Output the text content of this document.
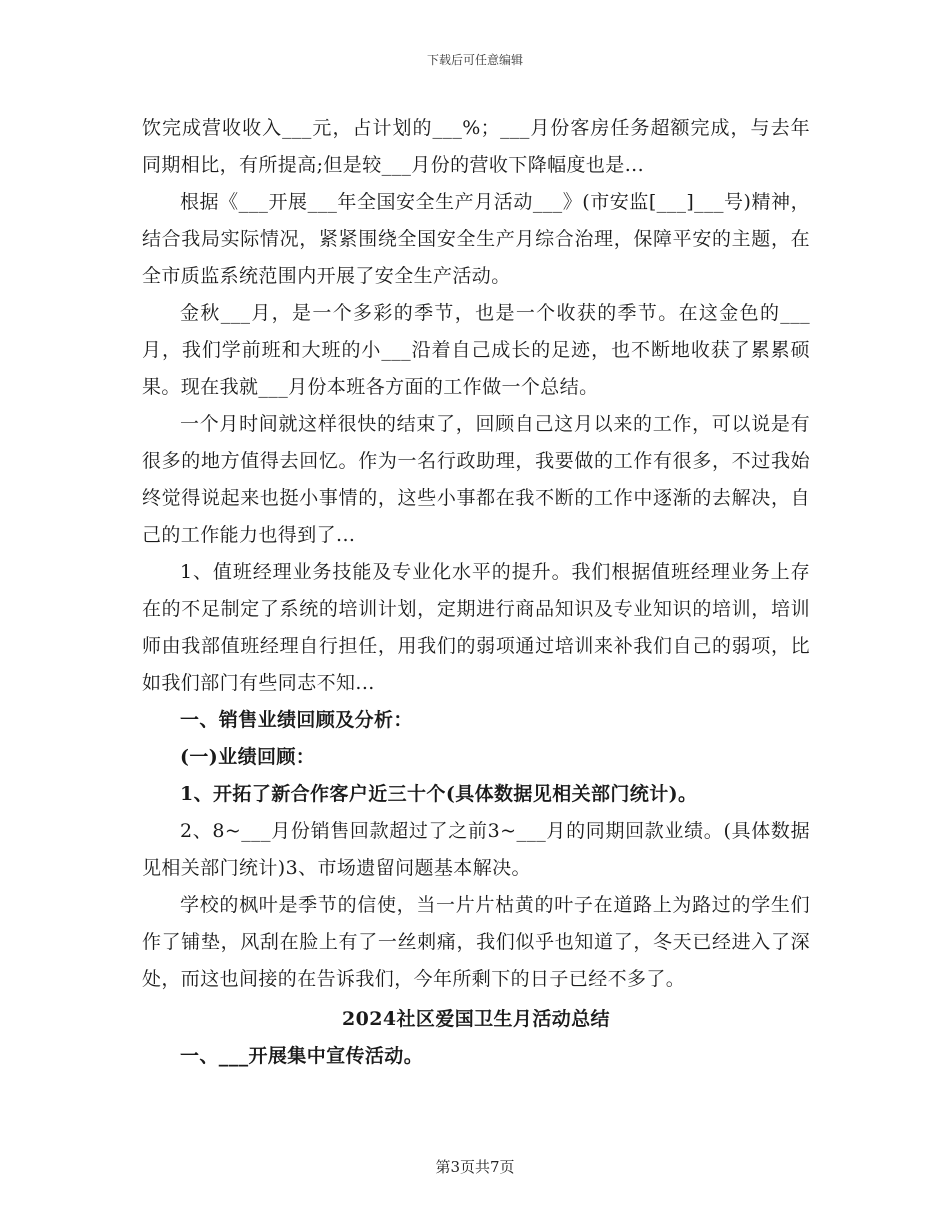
下载后可任意编辑

饮完成营收收入___元，占计划的___%；___月份客房任务超额完成，与去年同期相比，有所提高;但是较___月份的营收下降幅度也是...

根据《___开展___年全国安全生产月活动___》(市安监[___]___号)精神，结合我局实际情况，紧紧围绕全国安全生产月综合治理，保障平安的主题，在全市质监系统范围内开展了安全生产活动。

金秋___月，是一个多彩的季节，也是一个收获的季节。在这金色的___月，我们学前班和大班的小___沿着自己成长的足迹，也不断地收获了累累硕果。现在我就___月份本班各方面的工作做一个总结。

一个月时间就这样很快的结束了，回顾自己这月以来的工作，可以说是有很多的地方值得去回忆。作为一名行政助理，我要做的工作有很多，不过我始终觉得说起来也挺小事情的，这些小事都在我不断的工作中逐渐的去解决，自己的工作能力也得到了...

1、值班经理业务技能及专业化水平的提升。我们根据值班经理业务上存在的不足制定了系统的培训计划，定期进行商品知识及专业知识的培训，培训师由我部值班经理自行担任，用我们的弱项通过培训来补我们自己的弱项，比如我们部门有些同志不知...

一、销售业绩回顾及分析：

(一)业绩回顾：

1、开拓了新合作客户近三十个(具体数据见相关部门统计)。

2、8~___月份销售回款超过了之前3~___月的同期回款业绩。(具体数据见相关部门统计)3、市场遗留问题基本解决。

学校的枫叶是季节的信使，当一片片枯黄的叶子在道路上为路过的学生们作了铺垫，风刮在脸上有了一丝刺痛，我们似乎也知道了，冬天已经进入了深处，而这也间接的在告诉我们，今年所剩下的日子已经不多了。

2024社区爱国卫生月活动总结

一、___开展集中宣传活动。

第3页共7页
